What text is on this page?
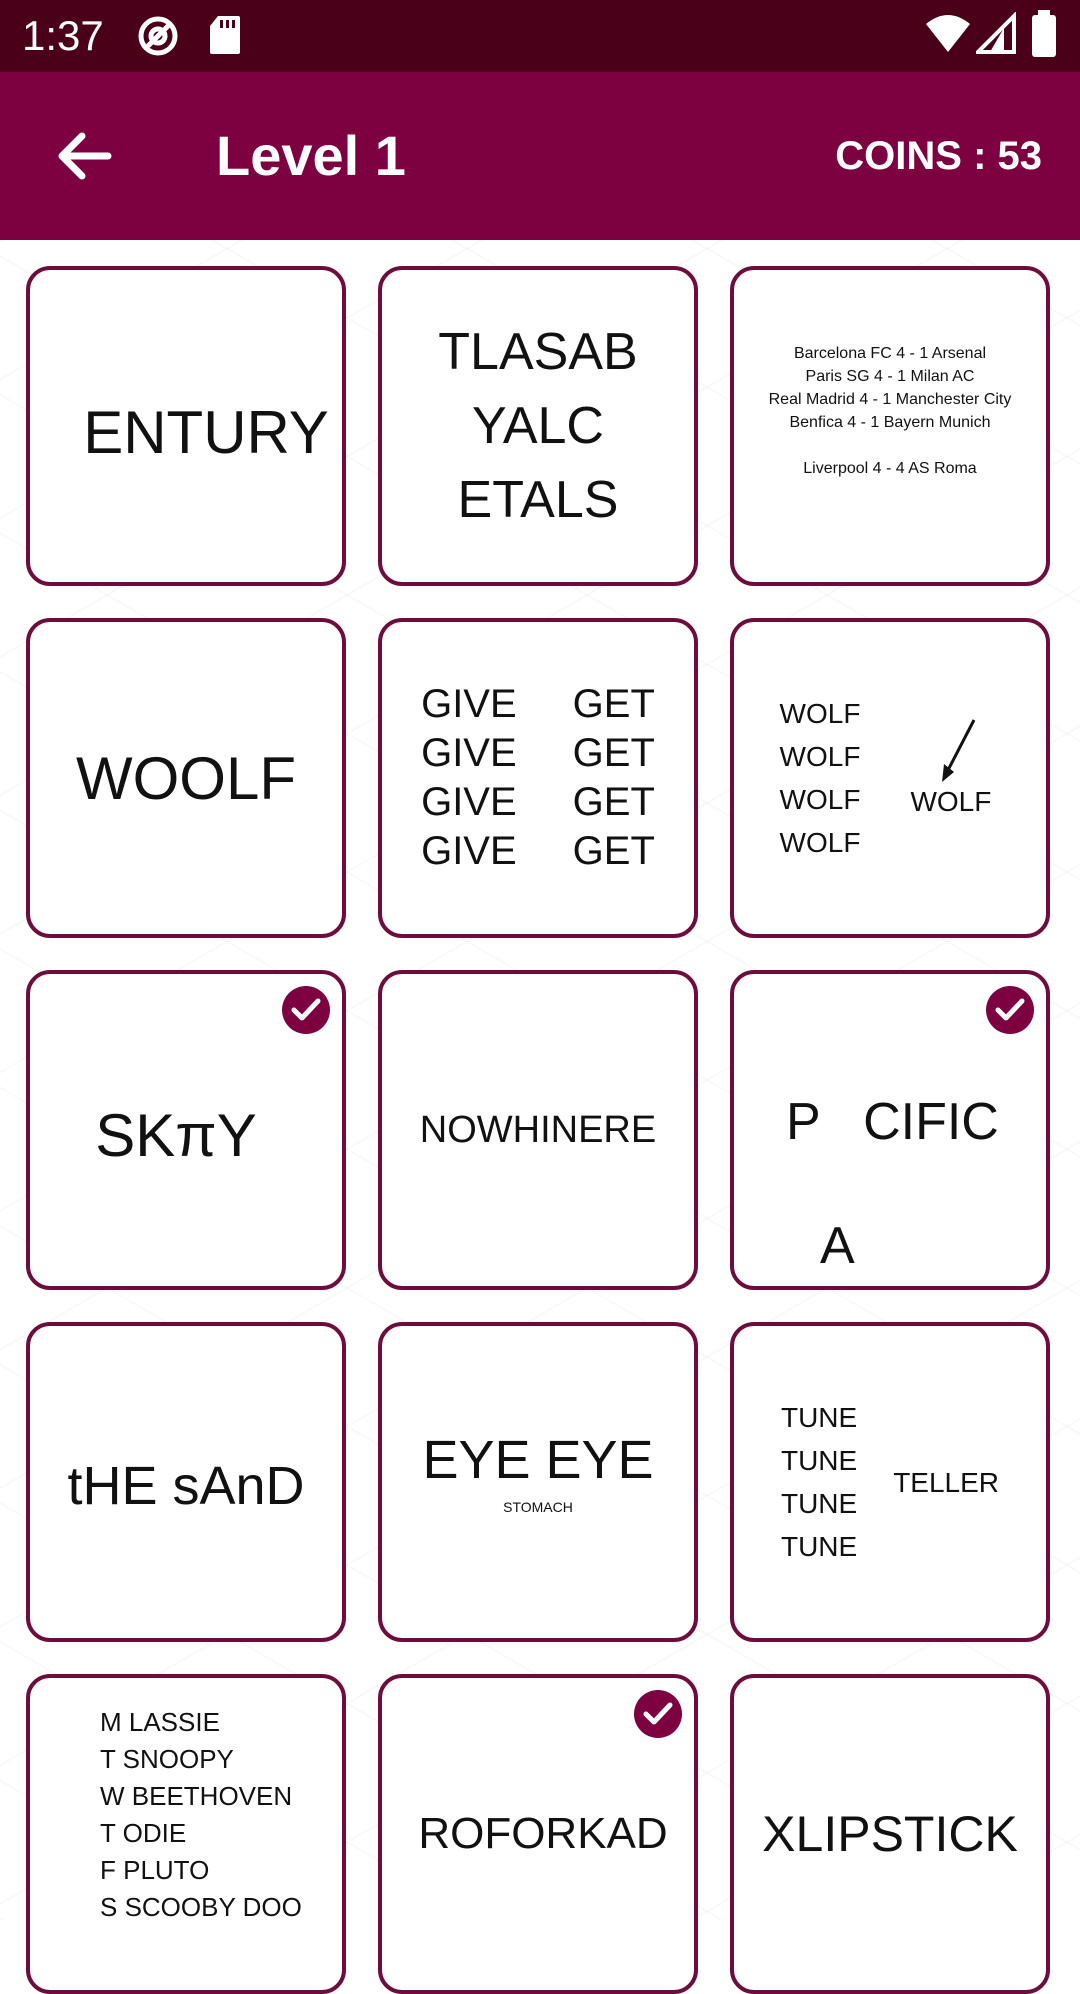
1:37
Level 1	COINS : 53
ENTURY
TLASAB
YALC
ETALS
Barcelona FC 4 - 1 Arsenal
Paris SG 4 - 1 Milan AC
Real Madrid 4 - 1 Manchester City
Benfica 4 - 1 Bayern Munich

Liverpool 4 - 4 AS Roma
WOOLF
GIVE
GIVE
GIVE
GIVE
GET
GET
GET
GET
WOLF
WOLF
WOLF
WOLF
WOLF
SKπY	NOWHINERE P   CIFIC
A
tHE sAnD EYE EYE
STOMACH
TUNE
TUNE
TUNE
TUNE
TELLER
M LASSIE
T SNOOPY
W BEETHOVEN
T ODIE
F PLUTO
S SCOOBY DOO
ROFORKAD XLIPSTICK
